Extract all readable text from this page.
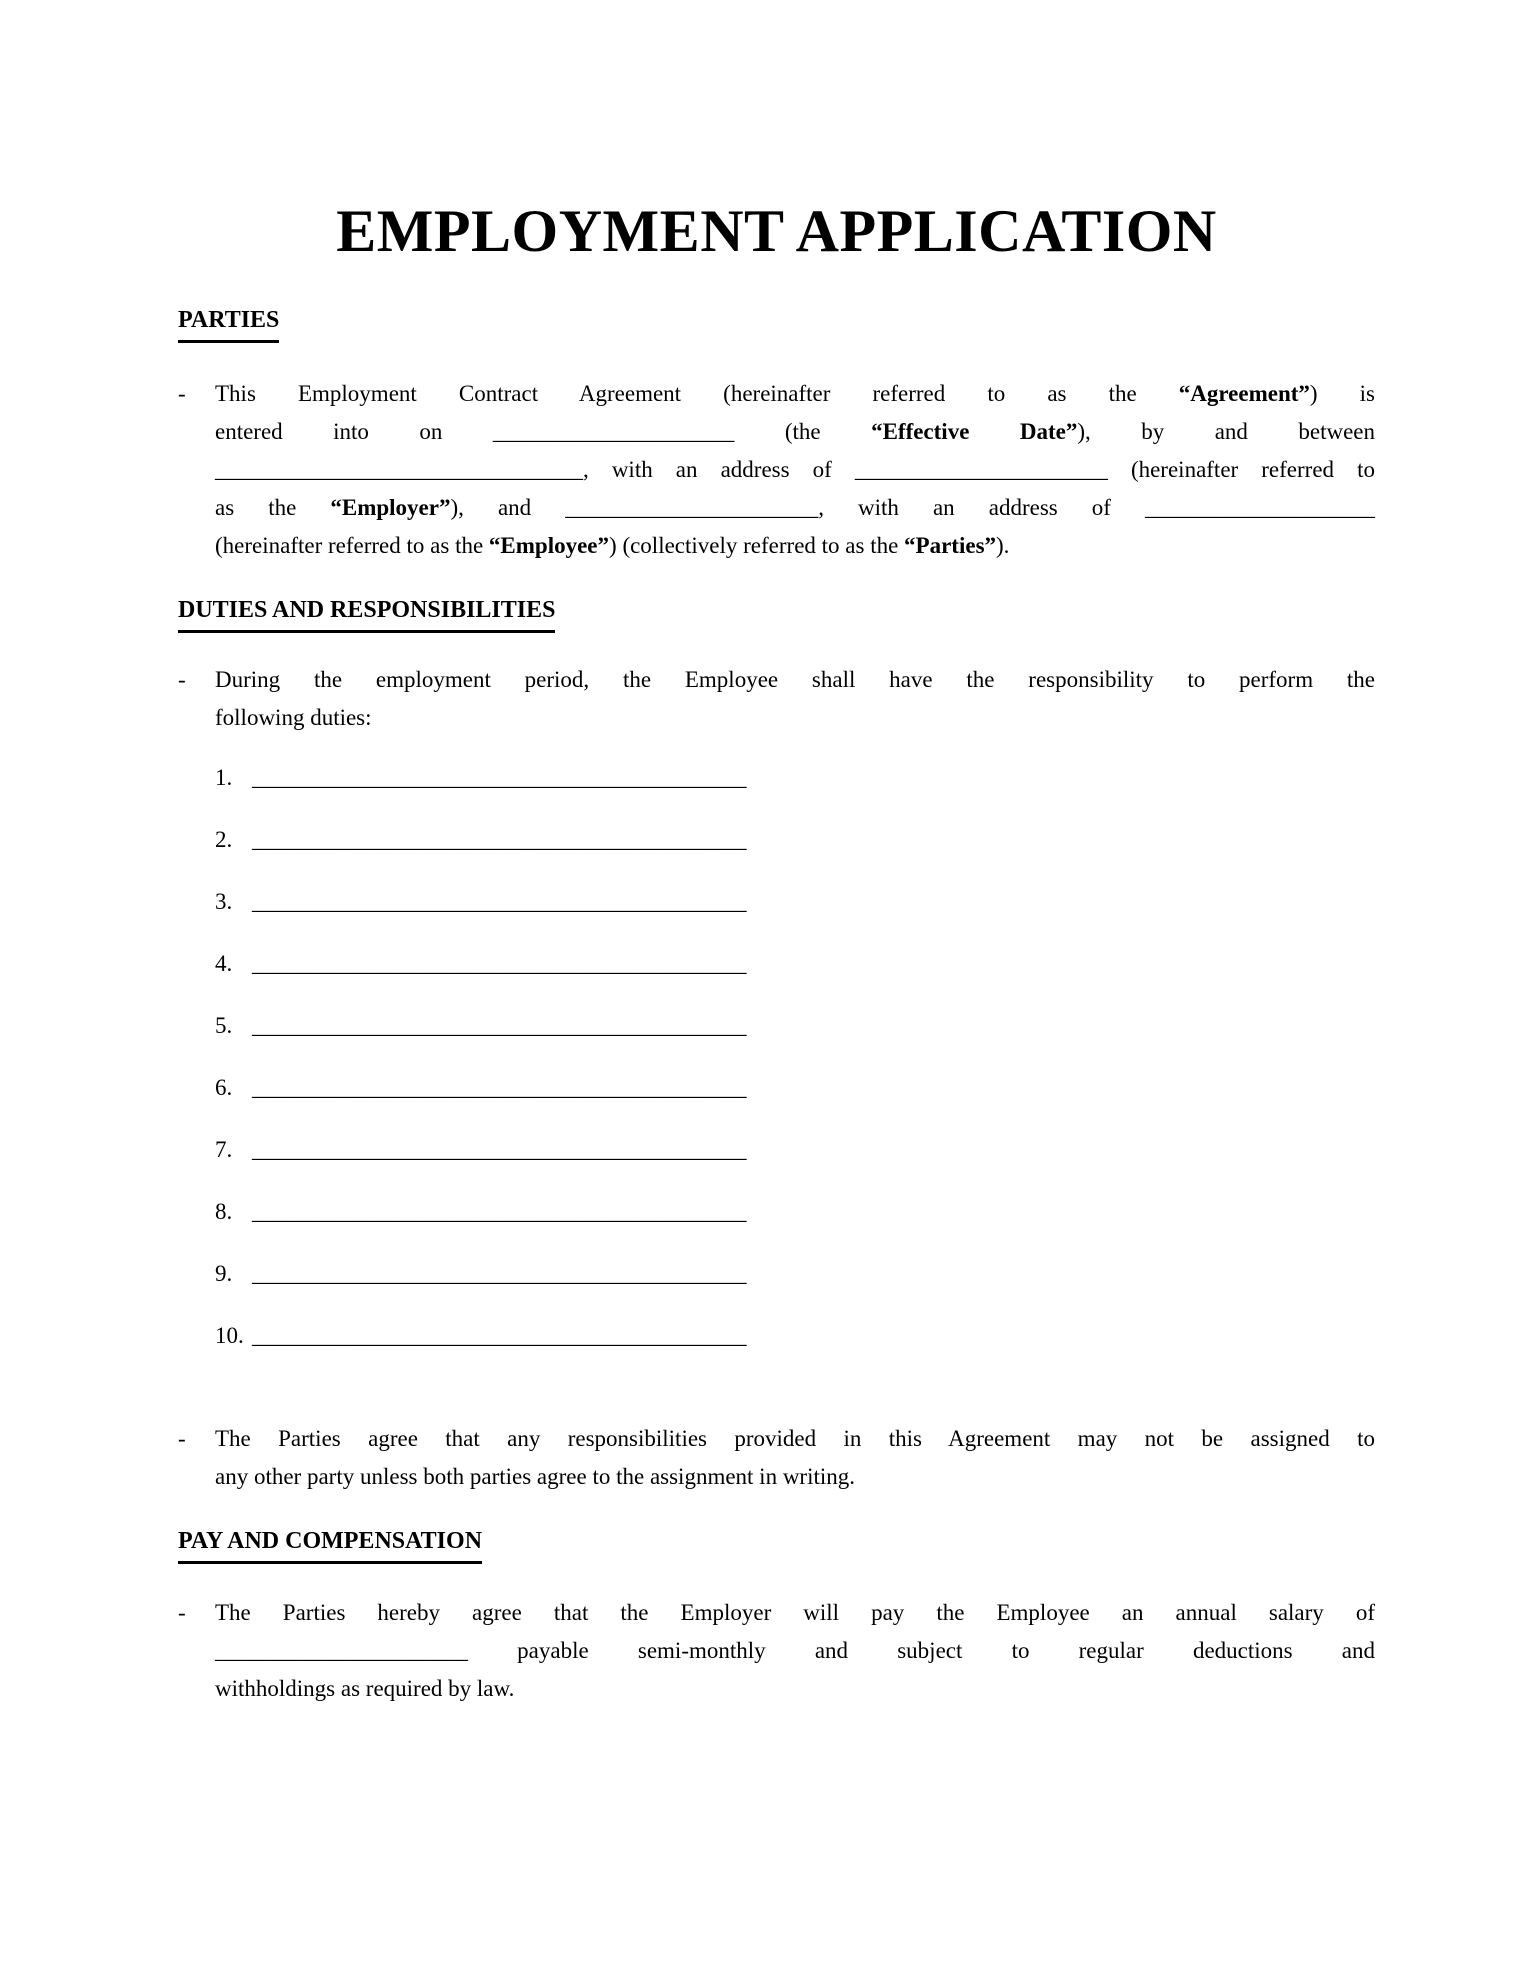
EMPLOYMENT APPLICATION

PARTIES

-	This Employment Contract Agreement (hereinafter referred to as the “Agreement”) is
entered into on _____________________ (the “Effective Date”), by and between
________________________________, with an address of ______________________ (hereinafter referred to
as the “Employer”), and ______________________, with an address of ____________________
(hereinafter referred to as the “Employee”) (collectively referred to as the “Parties”).

DUTIES AND RESPONSIBILITIES

-	During the employment period, the Employee shall have the responsibility to perform the
following duties:
1. ___________________________________________
2. ___________________________________________
3. ___________________________________________
4. ___________________________________________
5. ___________________________________________
6. ___________________________________________
7. ___________________________________________
8. ___________________________________________
9. ___________________________________________
10. ___________________________________________
-	The Parties agree that any responsibilities provided in this Agreement may not be assigned to
any other party unless both parties agree to the assignment in writing.

PAY AND COMPENSATION

-	The Parties hereby agree that the Employer will pay the Employee an annual salary of
______________________ payable semi-monthly and subject to regular deductions and
withholdings as required by law.
